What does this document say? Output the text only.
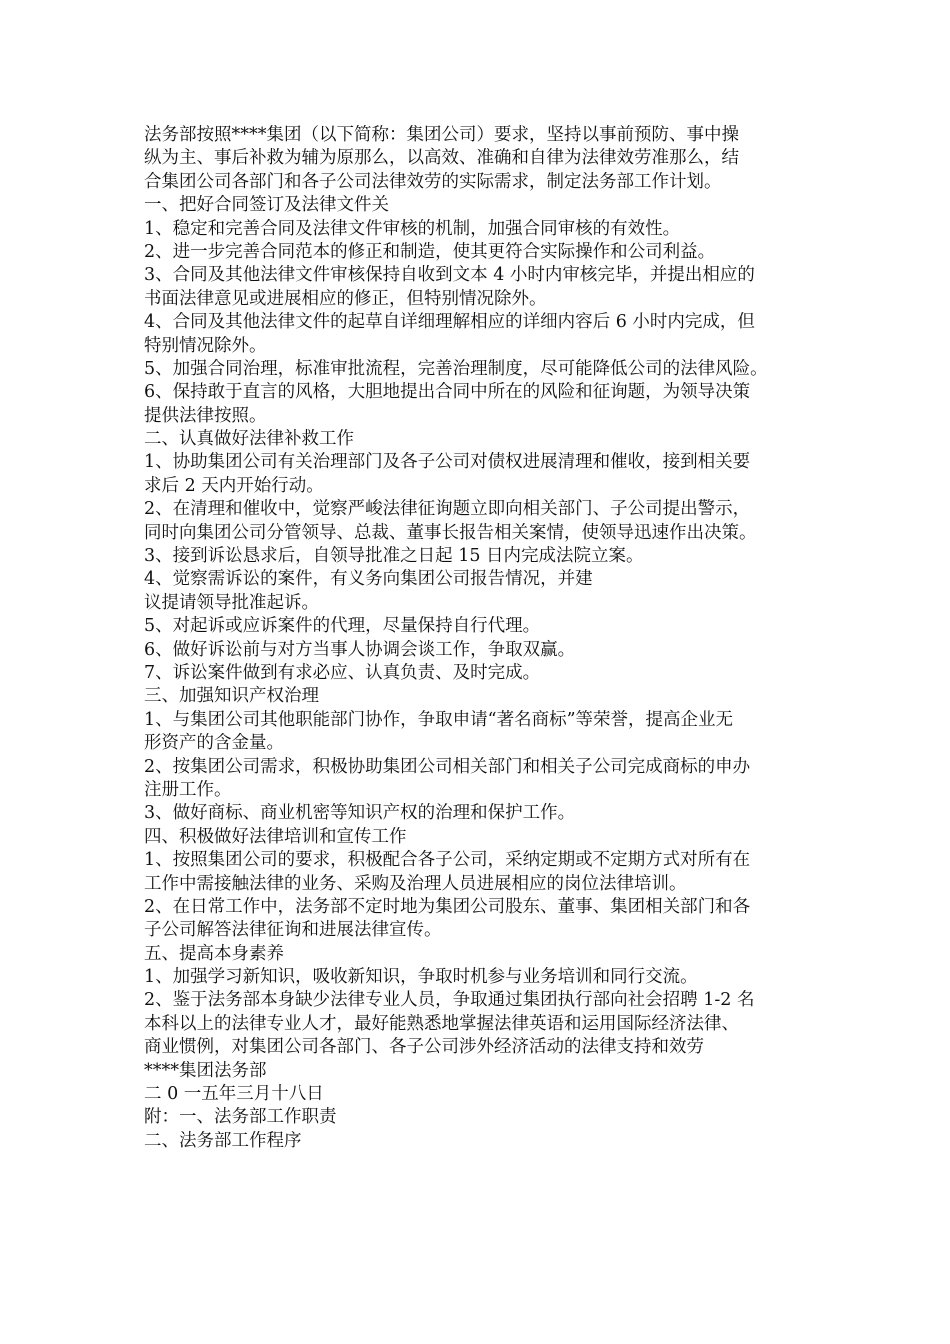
法务部按照****集团（以下简称：集团公司）要求，坚持以事前预防、事中操
纵为主、事后补救为辅为原那么，以高效、准确和自律为法律效劳准那么，结
合集团公司各部门和各子公司法律效劳的实际需求，制定法务部工作计划。
一、把好合同签订及法律文件关
1、稳定和完善合同及法律文件审核的机制，加强合同审核的有效性。
2、进一步完善合同范本的修正和制造，使其更符合实际操作和公司利益。
3、合同及其他法律文件审核保持自收到文本 4 小时内审核完毕，并提出相应的
书面法律意见或进展相应的修正，但特别情况除外。
4、合同及其他法律文件的起草自详细理解相应的详细内容后 6 小时内完成，但
特别情况除外。
5、加强合同治理，标准审批流程，完善治理制度，尽可能降低公司的法律风险。
6、保持敢于直言的风格，大胆地提出合同中所在的风险和征询题，为领导决策
提供法律按照。
二、认真做好法律补救工作
1、协助集团公司有关治理部门及各子公司对债权进展清理和催收，接到相关要
求后 2 天内开始行动。
2、在清理和催收中，觉察严峻法律征询题立即向相关部门、子公司提出警示，
同时向集团公司分管领导、总裁、董事长报告相关案情，使领导迅速作出决策。
3、接到诉讼恳求后，自领导批准之日起 15 日内完成法院立案。
4、觉察需诉讼的案件，有义务向集团公司报告情况，并建
议提请领导批准起诉。
5、对起诉或应诉案件的代理，尽量保持自行代理。
6、做好诉讼前与对方当事人协调会谈工作，争取双赢。
7、诉讼案件做到有求必应、认真负责、及时完成。
三、加强知识产权治理
1、与集团公司其他职能部门协作，争取申请“著名商标”等荣誉，提高企业无
形资产的含金量。
2、按集团公司需求，积极协助集团公司相关部门和相关子公司完成商标的申办
注册工作。
3、做好商标、商业机密等知识产权的治理和保护工作。
四、积极做好法律培训和宣传工作
1、按照集团公司的要求，积极配合各子公司，采纳定期或不定期方式对所有在
工作中需接触法律的业务、采购及治理人员进展相应的岗位法律培训。
2、在日常工作中，法务部不定时地为集团公司股东、董事、集团相关部门和各
子公司解答法律征询和进展法律宣传。
五、提高本身素养
1、加强学习新知识，吸收新知识，争取时机参与业务培训和同行交流。
2、鉴于法务部本身缺少法律专业人员，争取通过集团执行部向社会招聘 1-2 名
本科以上的法律专业人才，最好能熟悉地掌握法律英语和运用国际经济法律、
商业惯例，对集团公司各部门、各子公司涉外经济活动的法律支持和效劳
****集团法务部
二 0 一五年三月十八日
附：一、法务部工作职责
二、法务部工作程序
